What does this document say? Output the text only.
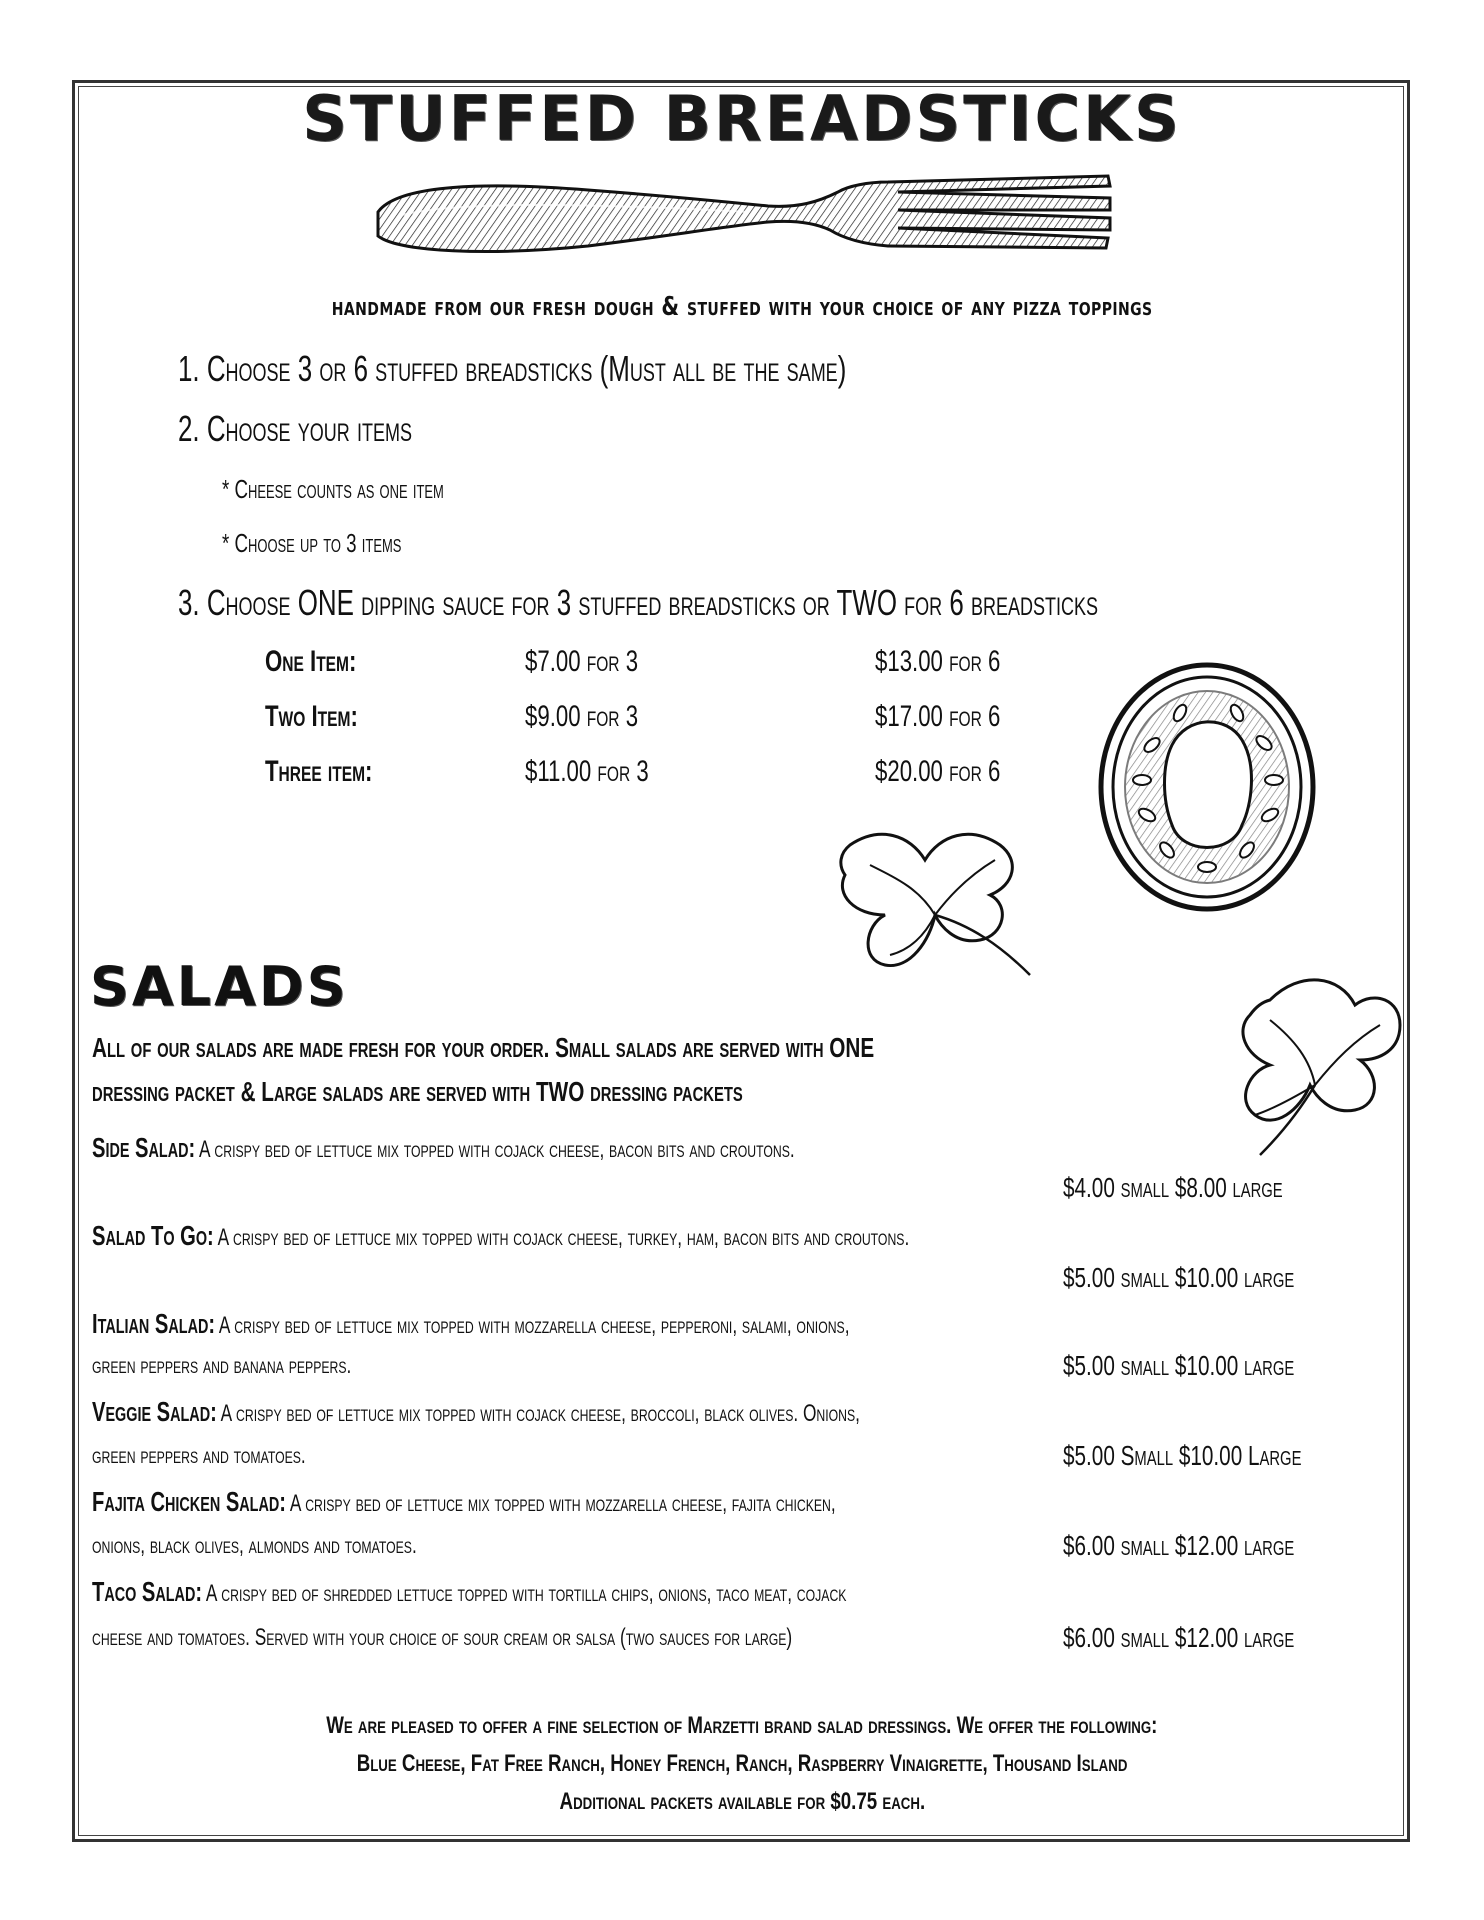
STUFFED BREADSTICKS
handmade from our fresh dough & stuffed with your choice of any pizza toppings
1. Choose 3 or 6 stuffed breadsticks (Must all be the same)
2. Choose your items
* Cheese counts as one item
* Choose up to 3 items
3. Choose ONE dipping sauce for 3 stuffed breadsticks or TWO for 6 breadsticks
One Item:	$7.00 for 3	$13.00 for 6
Two Item:	$9.00 for 3	$17.00 for 6
Three item:	$11.00 for 3	$20.00 for 6
SALADS
All of our salads are made fresh for your order. Small salads are served with ONE
dressing packet & Large salads are served with TWO dressing packets
Side Salad: A crispy bed of lettuce mix topped with cojack cheese, bacon bits and croutons.
$4.00 small $8.00 large
Salad To Go: A crispy bed of lettuce mix topped with cojack cheese, turkey, ham, bacon bits and croutons.
$5.00 small $10.00 large
Italian Salad: A crispy bed of lettuce mix topped with mozzarella cheese, pepperoni, salami, onions,
green peppers and banana peppers.	$5.00 small $10.00 large
Veggie Salad: A crispy bed of lettuce mix topped with cojack cheese, broccoli, black olives. Onions,
green peppers and tomatoes.	$5.00 Small $10.00 Large
Fajita Chicken Salad: A crispy bed of lettuce mix topped with mozzarella cheese, fajita chicken,
onions, black olives, almonds and tomatoes.	$6.00 small $12.00 large
Taco Salad: A crispy bed of shredded lettuce topped with tortilla chips, onions, taco meat, cojack
cheese and tomatoes. Served with your choice of sour cream or salsa (two sauces for large)	$6.00 small $12.00 large
We are pleased to offer a fine selection of Marzetti brand salad dressings. We offer the following:
Blue Cheese, Fat Free Ranch, Honey French, Ranch, Raspberry Vinaigrette, Thousand Island
Additional packets available for $0.75 each.
